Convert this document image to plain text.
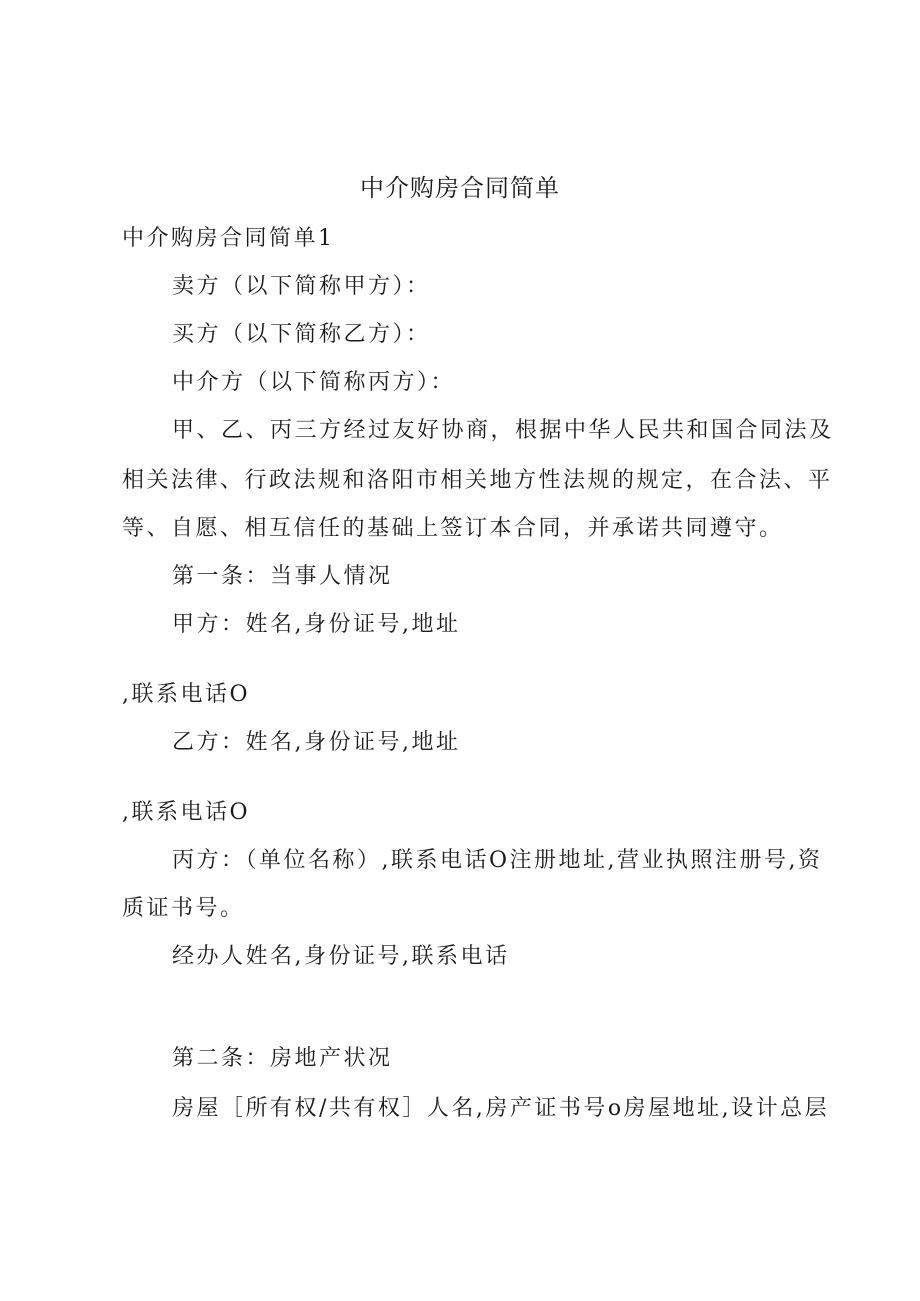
中介购房合同简单
中介购房合同简单1
卖方（以下简称甲方）：
买方（以下简称乙方）：
中介方（以下简称丙方）：
甲、乙、丙三方经过友好协商，根据中华人民共和国合同法及
相关法律、行政法规和洛阳市相关地方性法规的规定，在合法、平
等、自愿、相互信任的基础上签订本合同，并承诺共同遵守。
第一条：当事人情况
甲方：姓名,身份证号,地址
,联系电话O
乙方：姓名,身份证号,地址
,联系电话O
丙方：（单位名称）,联系电话O注册地址,营业执照注册号,资
质证书号。
经办人姓名,身份证号,联系电话
第二条：房地产状况
房屋［所有权/共有权］人名,房产证书号o房屋地址,设计总层
